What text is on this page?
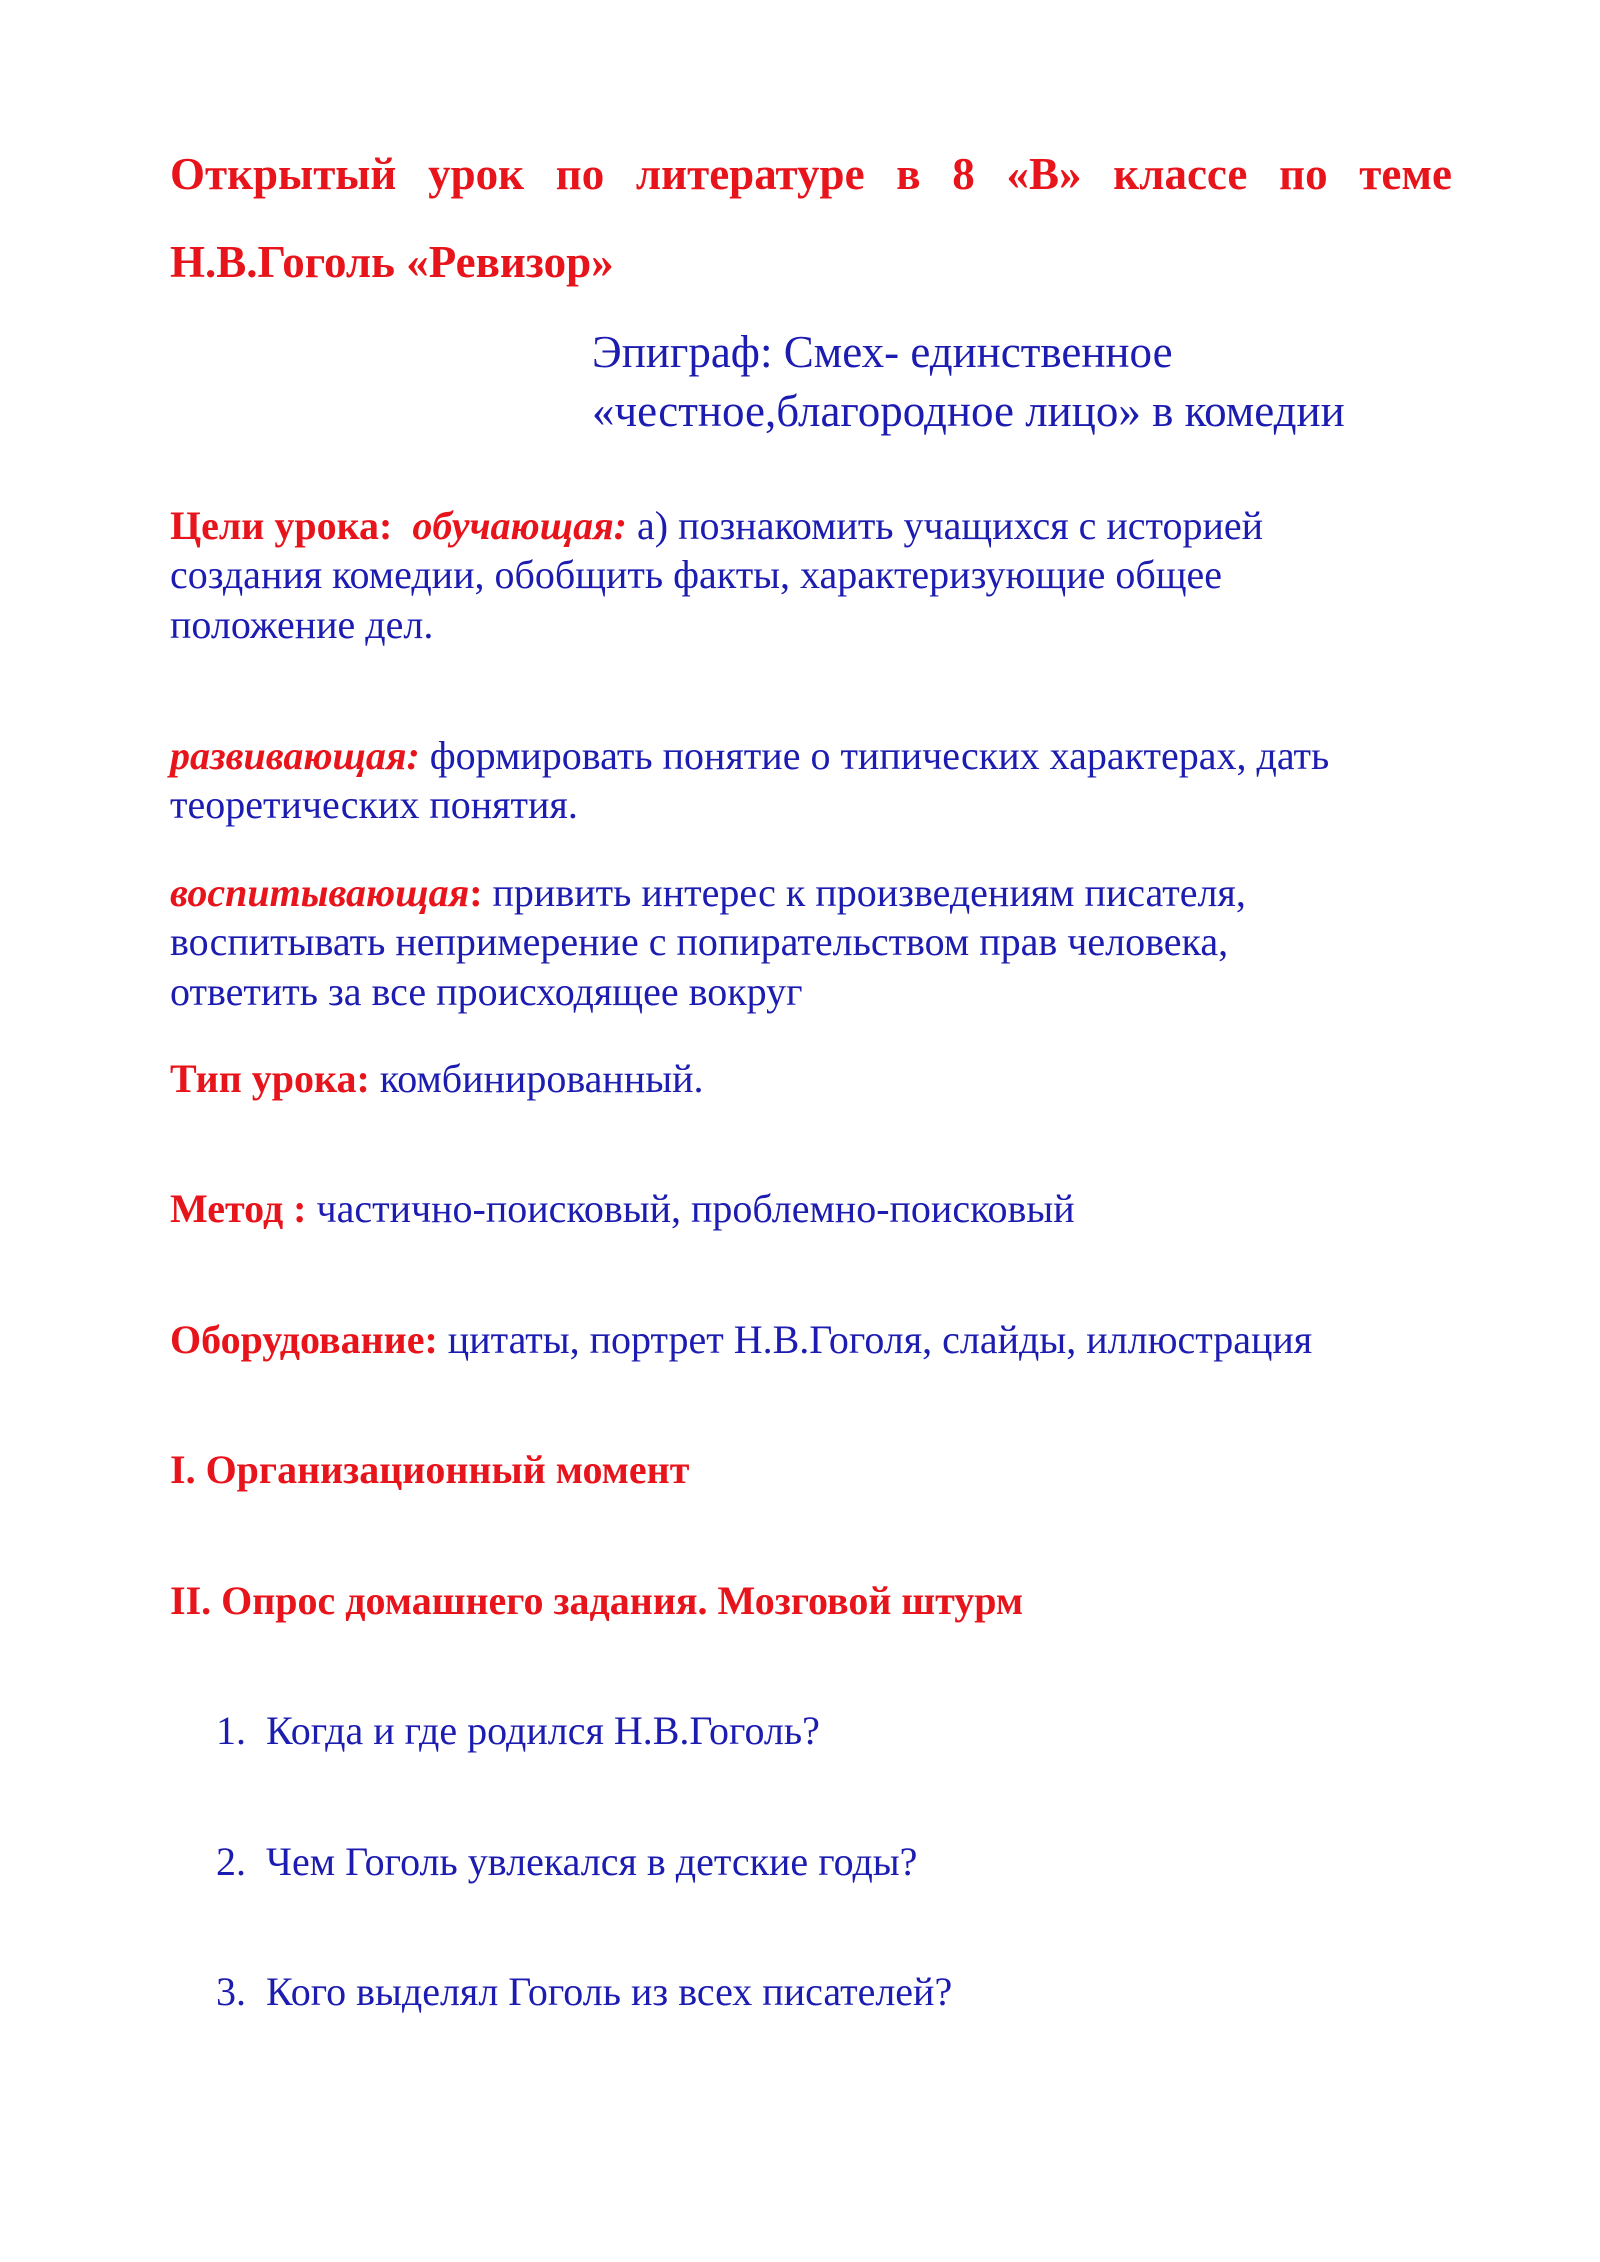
Открытый урок по литературе в 8 «В» классе по теме
Н.В.Гоголь «Ревизор»
Эпиграф: Смех- единственное
«честное,благородное лицо» в комедии
Цели урока: обучающая: а) познакомить учащихся с историей
создания комедии, обобщить факты, характеризующие общее
положение дел.
развивающая: формировать понятие о типических характерах, дать
теоретических понятия.
воспитывающая: привить интерес к произведениям писателя,
воспитывать непримерение с попирательством прав человека,
ответить за все происходящее вокруг
Тип урока: комбинированный.
Метод : частично-поисковый, проблемно-поисковый
Оборудование: цитаты, портрет Н.В.Гоголя, слайды, иллюстрация
I. Организационный момент
II. Опрос домашнего задания. Мозговой штурм
1. Когда и где родился Н.В.Гоголь?
2. Чем Гоголь увлекался в детские годы?
3. Кого выделял Гоголь из всех писателей?
